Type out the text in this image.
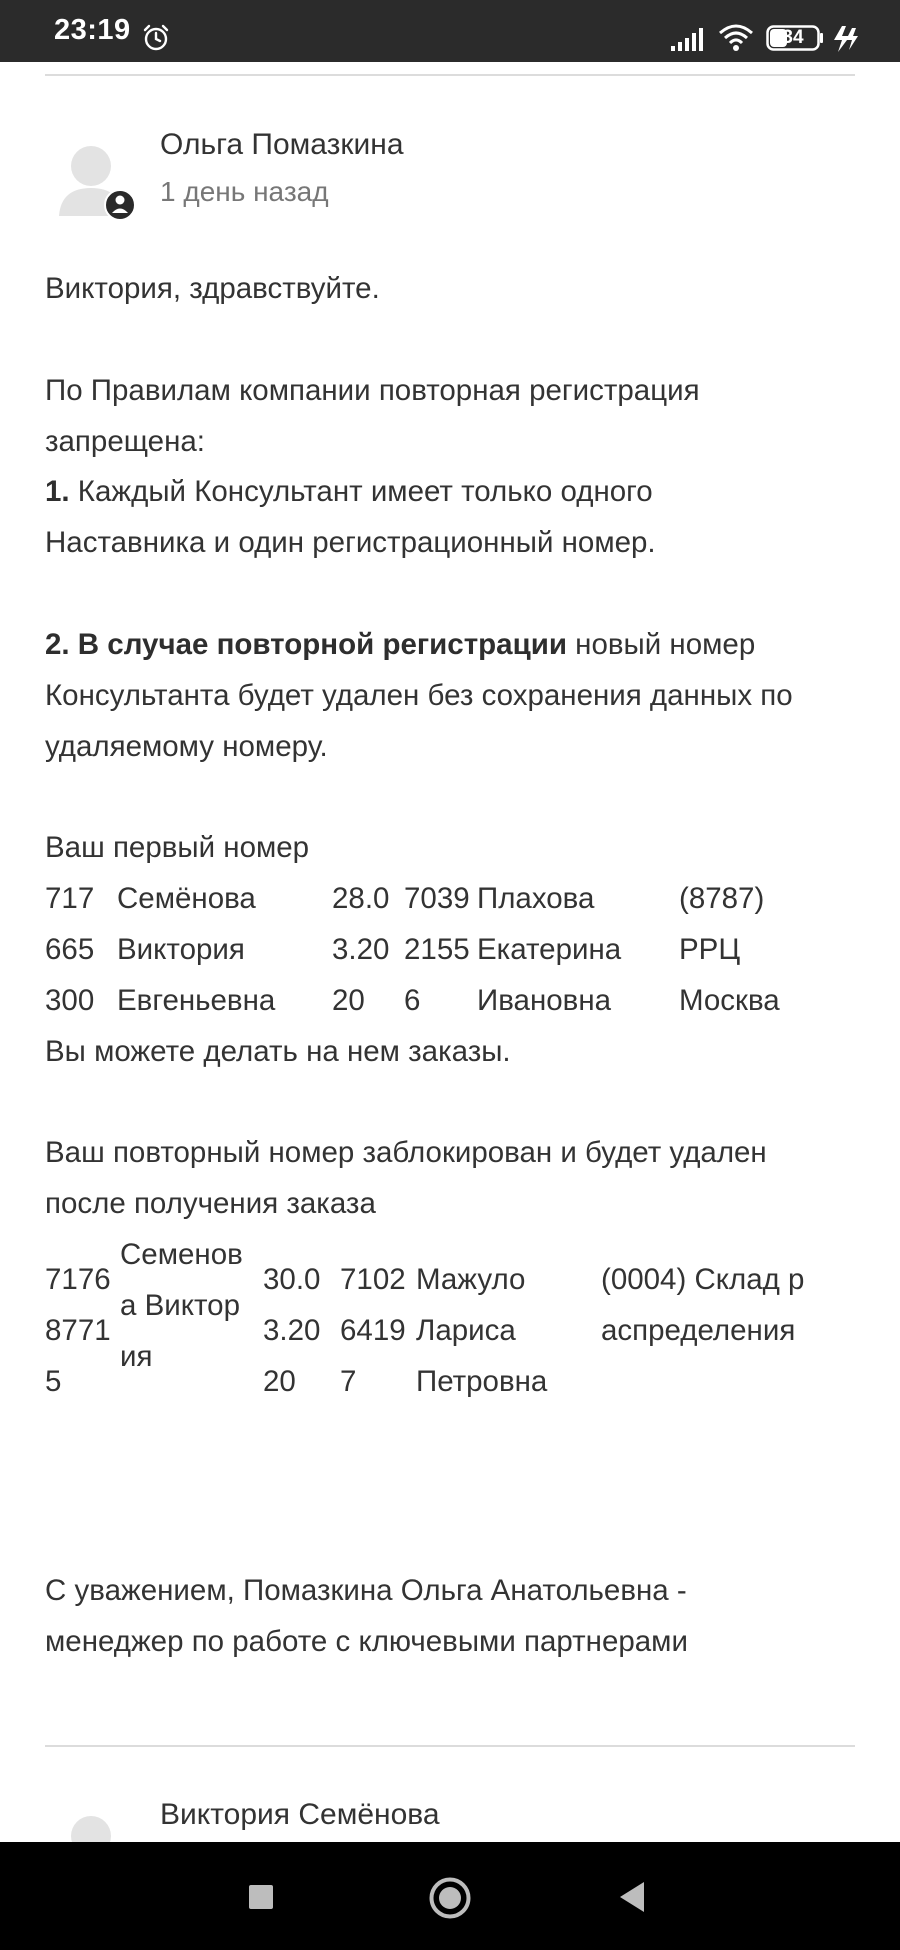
23:19	34
Ольга Помазкина
1 день назад

Виктория, здравствуйте.

По Правилам компании повторная регистрация запрещена:

1. Каждый Консультант имеет только одного Наставника и один регистрационный номер.

2. В случае повторной регистрации новый номер Консультанта будет удален без сохранения данных по удаляемому номеру.

Ваш первый номер

717
665
300
Семёнова
Виктория
Евгеньевна
28.0
3.20
20
7039
2155
6
Плахова
Екатерина
Ивановна
(8787)
РРЦ
Москва

Вы можете делать на нем заказы.

Ваш повторный номер заблокирован и будет удален после получения заказа

717687715
Семенова Виктория
30.03.2020
710264197
Мажуло Лариса Петровна
(0004) Склад распределения

С уважением, Помазкина Ольга Анатольевна - менеджер по работе с ключевыми партнерами

Виктория Семёнова
